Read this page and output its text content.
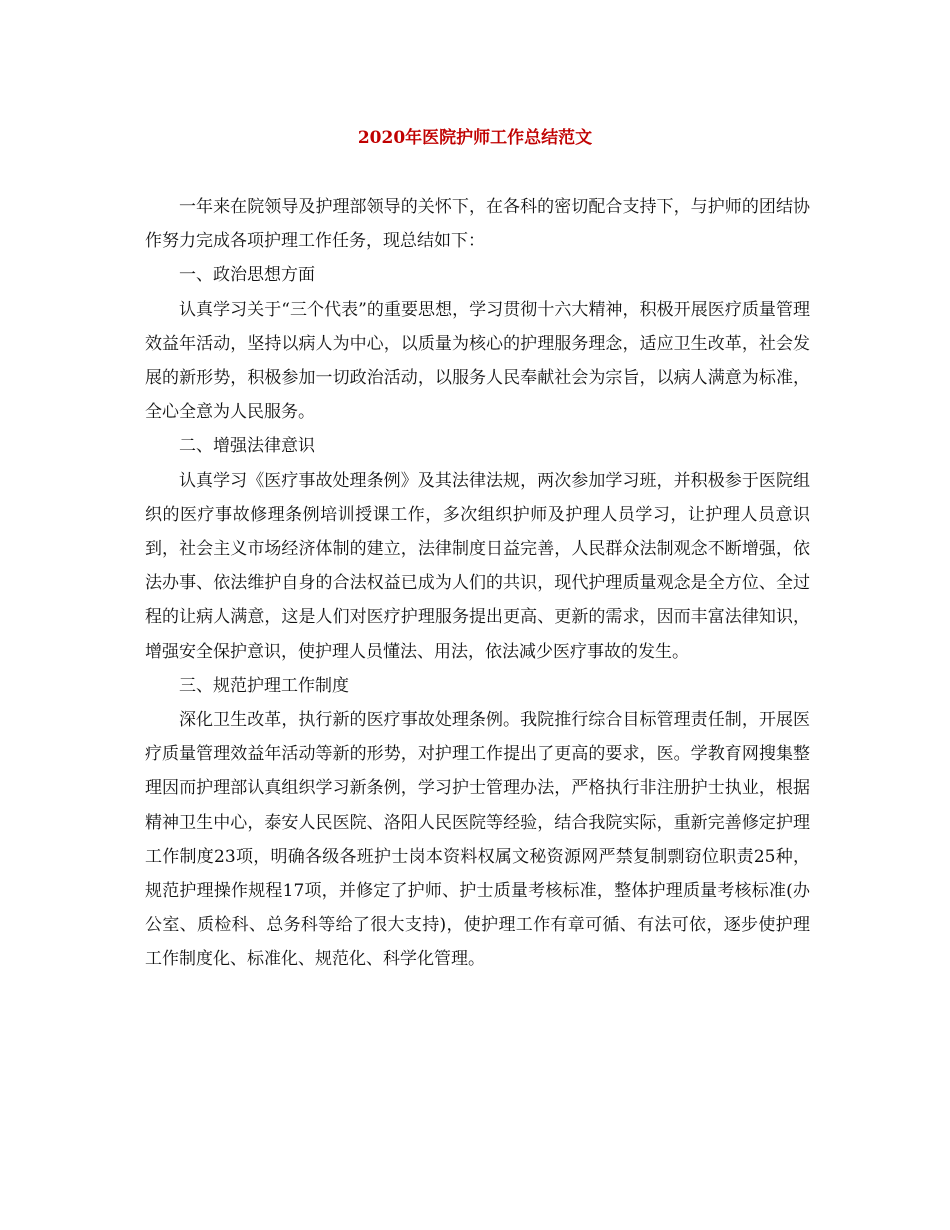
2020年医院护师工作总结范文

一年来在院领导及护理部领导的关怀下，在各科的密切配合支持下，与护师的团结协作努力完成各项护理工作任务，现总结如下：

一、政治思想方面

认真学习关于“三个代表”的重要思想，学习贯彻十六大精神，积极开展医疗质量管理效益年活动，坚持以病人为中心，以质量为核心的护理服务理念，适应卫生改革，社会发展的新形势，积极参加一切政治活动，以服务人民奉献社会为宗旨，以病人满意为标准，全心全意为人民服务。

二、增强法律意识

认真学习《医疗事故处理条例》及其法律法规，两次参加学习班，并积极参于医院组织的医疗事故修理条例培训授课工作，多次组织护师及护理人员学习，让护理人员意识到，社会主义市场经济体制的建立，法律制度日益完善，人民群众法制观念不断增强，依法办事、依法维护自身的合法权益已成为人们的共识，现代护理质量观念是全方位、全过程的让病人满意，这是人们对医疗护理服务提出更高、更新的需求，因而丰富法律知识，增强安全保护意识，使护理人员懂法、用法，依法减少医疗事故的发生。

三、规范护理工作制度

深化卫生改革，执行新的医疗事故处理条例。我院推行综合目标管理责任制，开展医疗质量管理效益年活动等新的形势，对护理工作提出了更高的要求，医。学教育网搜集整理因而护理部认真组织学习新条例，学习护士管理办法，严格执行非注册护士执业，根据精神卫生中心，泰安人民医院、洛阳人民医院等经验，结合我院实际，重新完善修定护理工作制度23项，明确各级各班护士岗本资料权属文秘资源网严禁复制剽窃位职责25种，规范护理操作规程17项，并修定了护师、护士质量考核标准，整体护理质量考核标准(办公室、质检科、总务科等给了很大支持)，使护理工作有章可循、有法可依，逐步使护理工作制度化、标准化、规范化、科学化管理。
